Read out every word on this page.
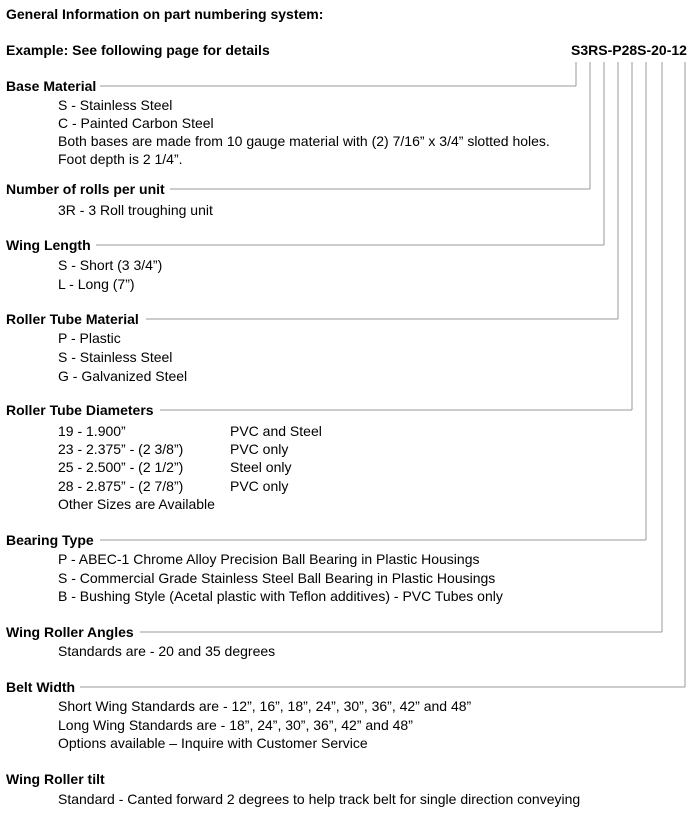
General Information on part numbering system:
Example: See following page for details	S3RS-P28S-20-12
Base Material
S - Stainless Steel
C - Painted Carbon Steel
Both bases are made from 10 gauge material with (2) 7/16” x 3/4” slotted holes.
Foot depth is 2 1/4”.
Number of rolls per unit
3R - 3 Roll troughing unit
Wing Length
S - Short (3 3/4”)
L - Long (7”)
Roller Tube Material
P - Plastic
S - Stainless Steel
G - Galvanized Steel
Roller Tube Diameters
19 - 1.900”	PVC and Steel
23 - 2.375” - (2 3/8”)	PVC only
25 - 2.500” - (2 1/2”)	Steel only
28 - 2.875” - (2 7/8”)	PVC only
Other Sizes are Available
Bearing Type
P - ABEC-1 Chrome Alloy Precision Ball Bearing in Plastic Housings
S - Commercial Grade Stainless Steel Ball Bearing in Plastic Housings
B - Bushing Style (Acetal plastic with Teflon additives) - PVC Tubes only
Wing Roller Angles
Standards are - 20 and 35 degrees
Belt Width
Short Wing Standards are - 12”, 16”, 18”, 24”, 30”, 36”, 42” and 48”
Long Wing Standards are - 18”, 24”, 30”, 36”, 42” and 48”
Options available – Inquire with Customer Service
Wing Roller tilt
Standard - Canted forward 2 degrees to help track belt for single direction conveying
